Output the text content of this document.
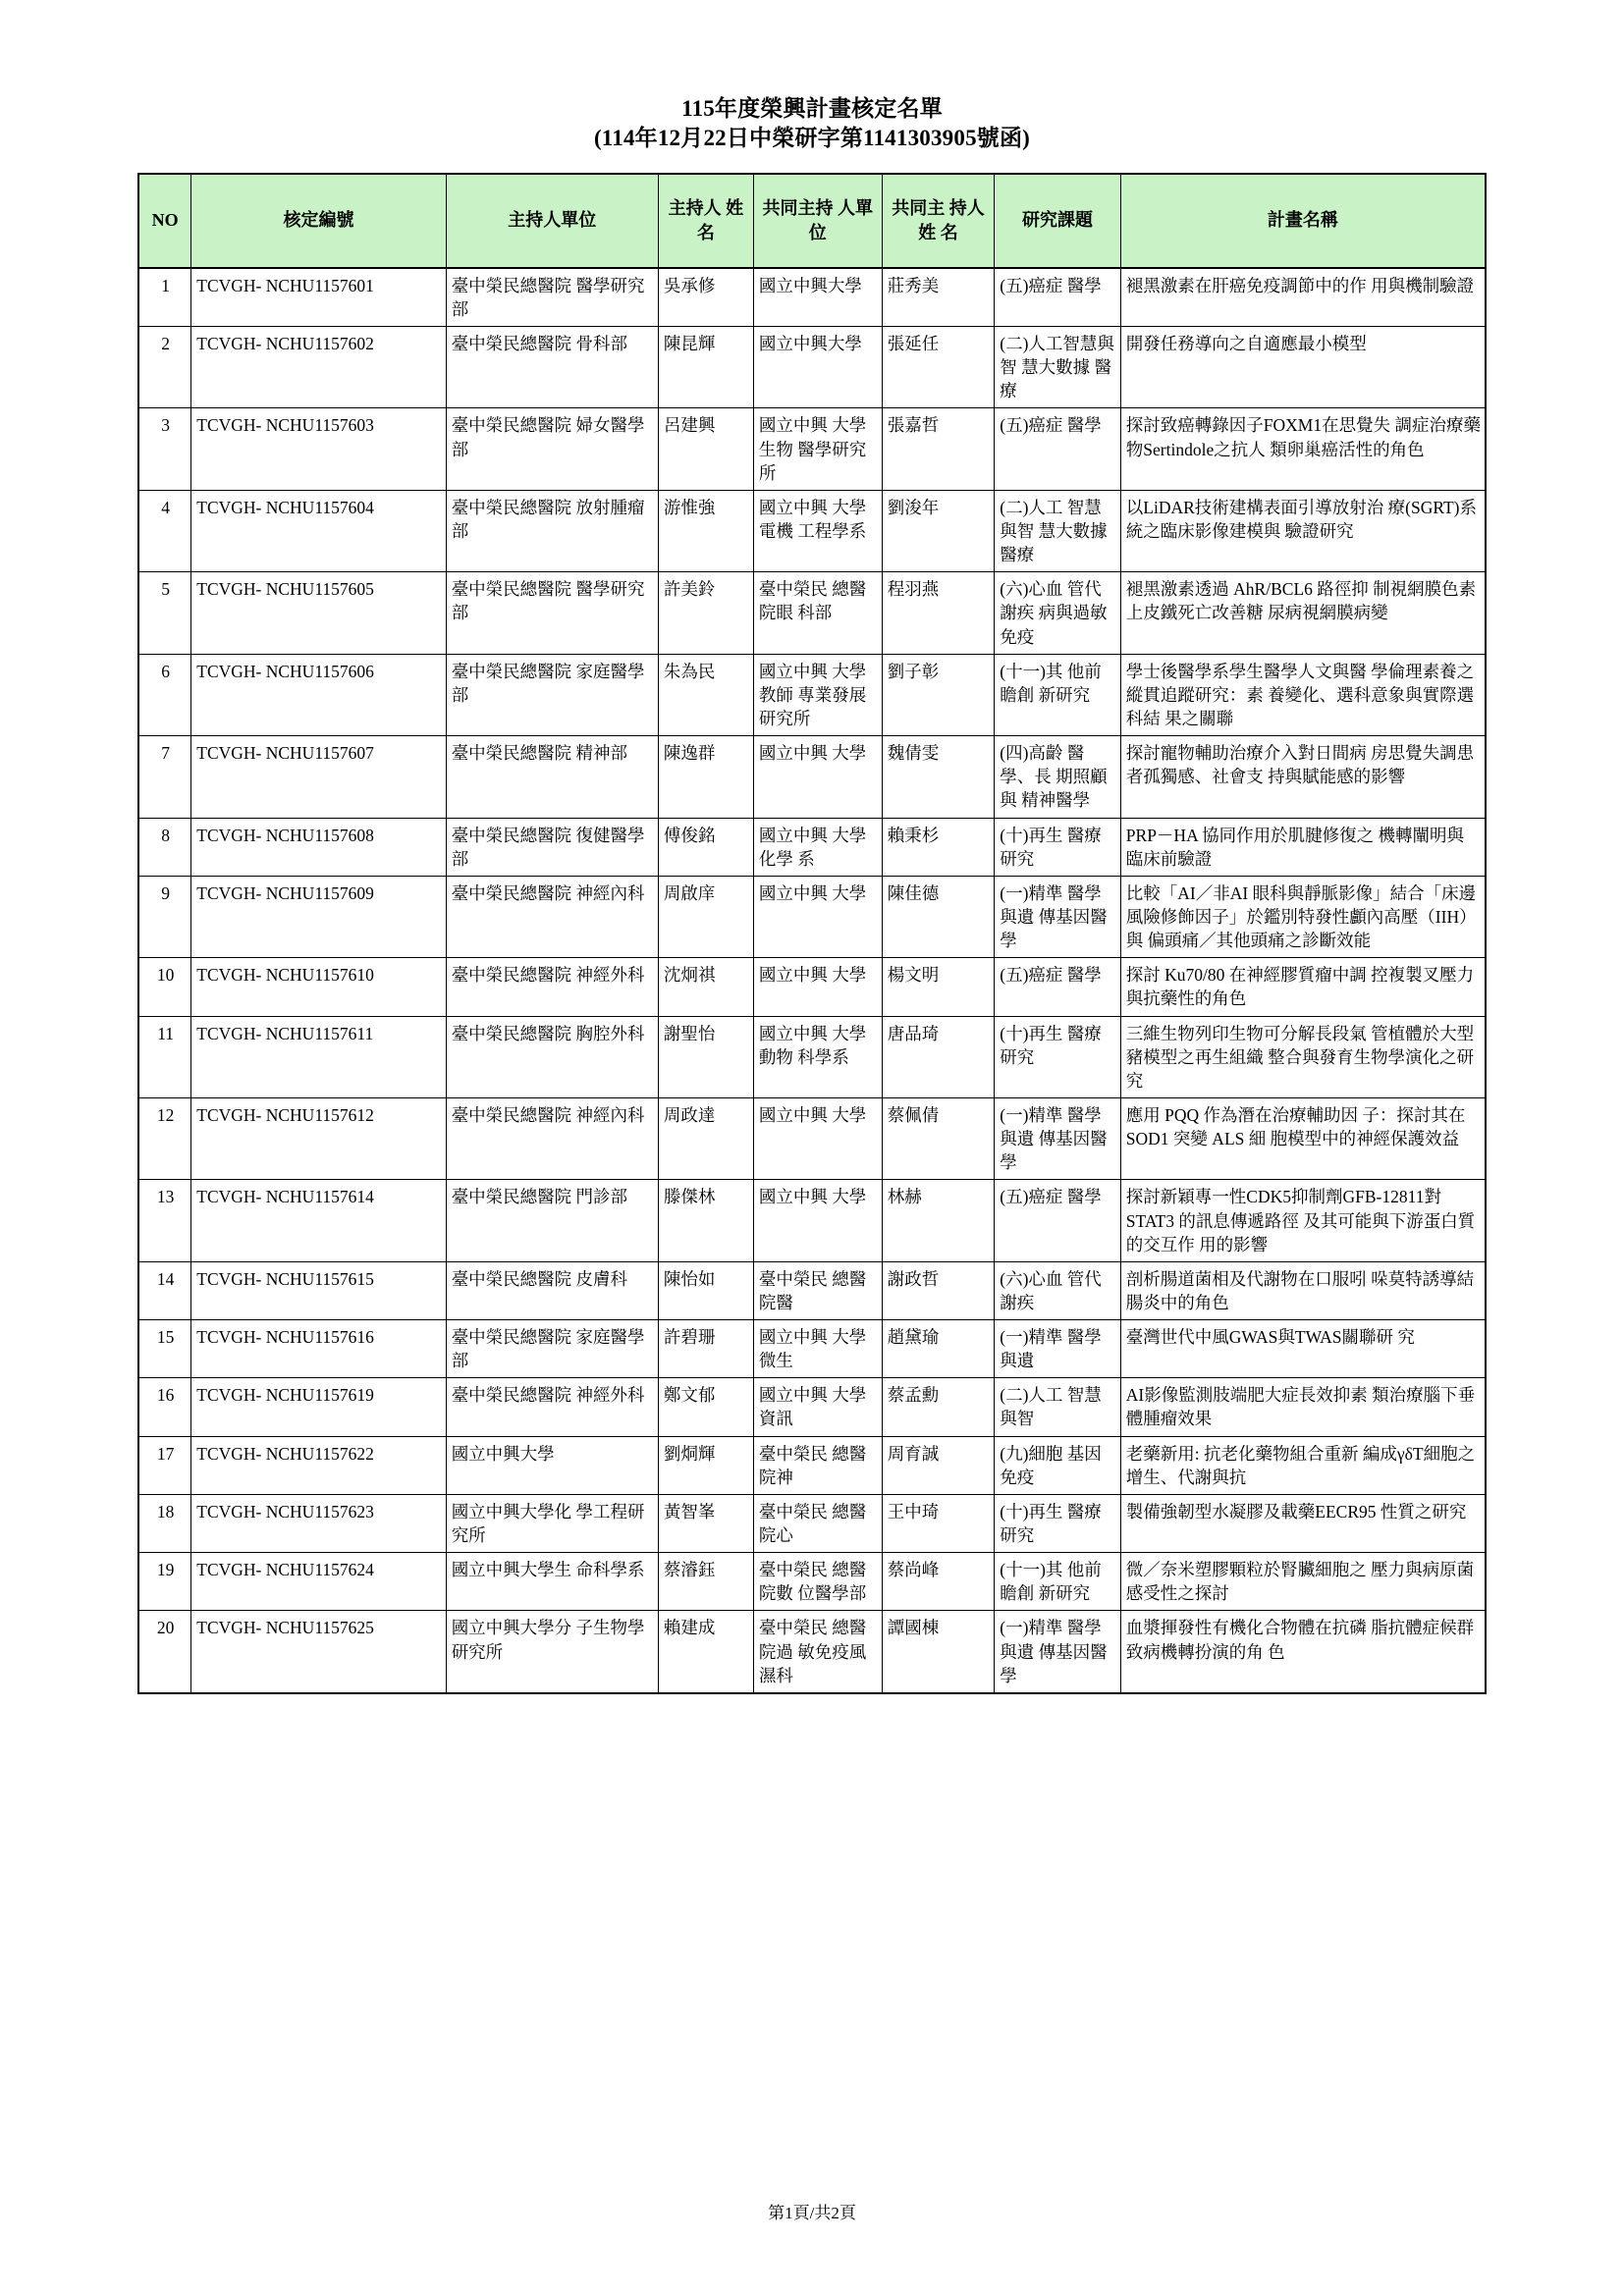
115年度榮興計畫核定名單
(114年12月22日中榮研字第1141303905號函)
NO	核定編號	主持人單位	主持人 姓名	共同主持 人單位	共同主 持人姓 名	研究課題	計畫名稱
1	TCVGH- NCHU1157601	臺中榮民總醫院 醫學研究部	吳承修	國立中興大學	莊秀美	(五)癌症 醫學	褪黑激素在肝癌免疫調節中的作 用與機制驗證
2	TCVGH- NCHU1157602	臺中榮民總醫院 骨科部	陳昆輝	國立中興大學	張延任	(二)人工智慧與智 慧大數據 醫療	開發任務導向之自適應最小模型
3	TCVGH- NCHU1157603	臺中榮民總醫院 婦女醫學部	呂建興	國立中興 大學生物 醫學研究 所	張嘉哲	(五)癌症 醫學	探討致癌轉錄因子FOXM1在思覺失 調症治療藥物Sertindole之抗人 類卵巢癌活性的角色
4	TCVGH- NCHU1157604	臺中榮民總醫院 放射腫瘤部	游惟強	國立中興 大學電機 工程學系	劉浚年	(二)人工 智慧與智 慧大數據 醫療	以LiDAR技術建構表面引導放射治 療(SGRT)系統之臨床影像建模與 驗證研究
5	TCVGH- NCHU1157605	臺中榮民總醫院 醫學研究部	許美鈴	臺中榮民 總醫院眼 科部	程羽燕	(六)心血 管代謝疾 病與過敏 免疫	褪黑激素透過 AhR/BCL6 路徑抑 制視網膜色素上皮鐵死亡改善糖 尿病視網膜病變
6	TCVGH- NCHU1157606	臺中榮民總醫院 家庭醫學部	朱為民	國立中興 大學教師 專業發展 研究所	劉子彰	(十一)其 他前瞻創 新研究	學士後醫學系學生醫學人文與醫 學倫理素養之縱貫追蹤研究：素 養變化、選科意象與實際選科結 果之關聯
7	TCVGH- NCHU1157607	臺中榮民總醫院 精神部	陳逸群	國立中興 大學	魏倩雯	(四)高齡 醫學、長 期照顧與 精神醫學	探討寵物輔助治療介入對日間病 房思覺失調患者孤獨感、社會支 持與賦能感的影響
8	TCVGH- NCHU1157608	臺中榮民總醫院 復健醫學部	傅俊銘	國立中興 大學化學 系	賴秉杉	(十)再生 醫療研究	PRP－HA 協同作用於肌腱修復之 機轉闡明與臨床前驗證
9	TCVGH- NCHU1157609	臺中榮民總醫院 神經內科	周啟庠	國立中興 大學	陳佳德	(一)精準 醫學與遺 傳基因醫學	比較「AI／非AI 眼科與靜脈影像」結合「床邊風險修飾因子」於鑑別特發性顱內高壓（IIH）與 偏頭痛／其他頭痛之診斷效能
10	TCVGH- NCHU1157610	臺中榮民總醫院 神經外科	沈炯祺	國立中興 大學	楊文明	(五)癌症 醫學	探討 Ku70/80 在神經膠質瘤中調 控複製叉壓力與抗藥性的角色
11	TCVGH- NCHU1157611	臺中榮民總醫院 胸腔外科	謝聖怡	國立中興 大學動物 科學系	唐品琦	(十)再生 醫療研究	三維生物列印生物可分解長段氣 管植體於大型豬模型之再生組織 整合與發育生物學演化之研究
12	TCVGH- NCHU1157612	臺中榮民總醫院 神經內科	周政達	國立中興 大學	蔡佩倩	(一)精準 醫學與遺 傳基因醫 學	應用 PQQ 作為潛在治療輔助因 子：探討其在 SOD1 突變 ALS 細 胞模型中的神經保護效益
13	TCVGH- NCHU1157614	臺中榮民總醫院 門診部	滕傑林	國立中興 大學	林赫	(五)癌症 醫學	探討新穎專一性CDK5抑制劑GFB-12811對 STAT3 的訊息傳遞路徑 及其可能與下游蛋白質的交互作 用的影響
14	TCVGH- NCHU1157615	臺中榮民總醫院 皮膚科	陳怡如	臺中榮民 總醫院醫	謝政哲	(六)心血 管代謝疾	剖析腸道菌相及代謝物在口服吲 哚莫特誘導結腸炎中的角色
15	TCVGH- NCHU1157616	臺中榮民總醫院 家庭醫學部	許碧珊	國立中興 大學微生	趙黛瑜	(一)精準 醫學與遺	臺灣世代中風GWAS與TWAS關聯研 究
16	TCVGH- NCHU1157619	臺中榮民總醫院 神經外科	鄭文郁	國立中興 大學資訊	蔡孟勳	(二)人工 智慧與智	AI影像監測肢端肥大症長效抑素 類治療腦下垂體腫瘤效果
17	TCVGH- NCHU1157622	國立中興大學	劉烔輝	臺中榮民 總醫院神	周育誠	(九)細胞 基因免疫	老藥新用: 抗老化藥物組合重新 編成γδT細胞之增生、代謝與抗
18	TCVGH- NCHU1157623	國立中興大學化 學工程研究所	黃智峯	臺中榮民 總醫院心	王中琦	(十)再生 醫療研究	製備強韌型水凝膠及載藥EECR95 性質之研究
19	TCVGH- NCHU1157624	國立中興大學生 命科學系	蔡濬鈺	臺中榮民 總醫院數 位醫學部	蔡尚峰	(十一)其 他前瞻創 新研究	微／奈米塑膠顆粒於腎臟細胞之 壓力與病原菌感受性之探討
20	TCVGH- NCHU1157625	國立中興大學分 子生物學研究所	賴建成	臺中榮民 總醫院過 敏免疫風 濕科	譚國棟	(一)精準 醫學與遺 傳基因醫 學	血漿揮發性有機化合物體在抗磷 脂抗體症候群致病機轉扮演的角 色
第1頁/共2頁
